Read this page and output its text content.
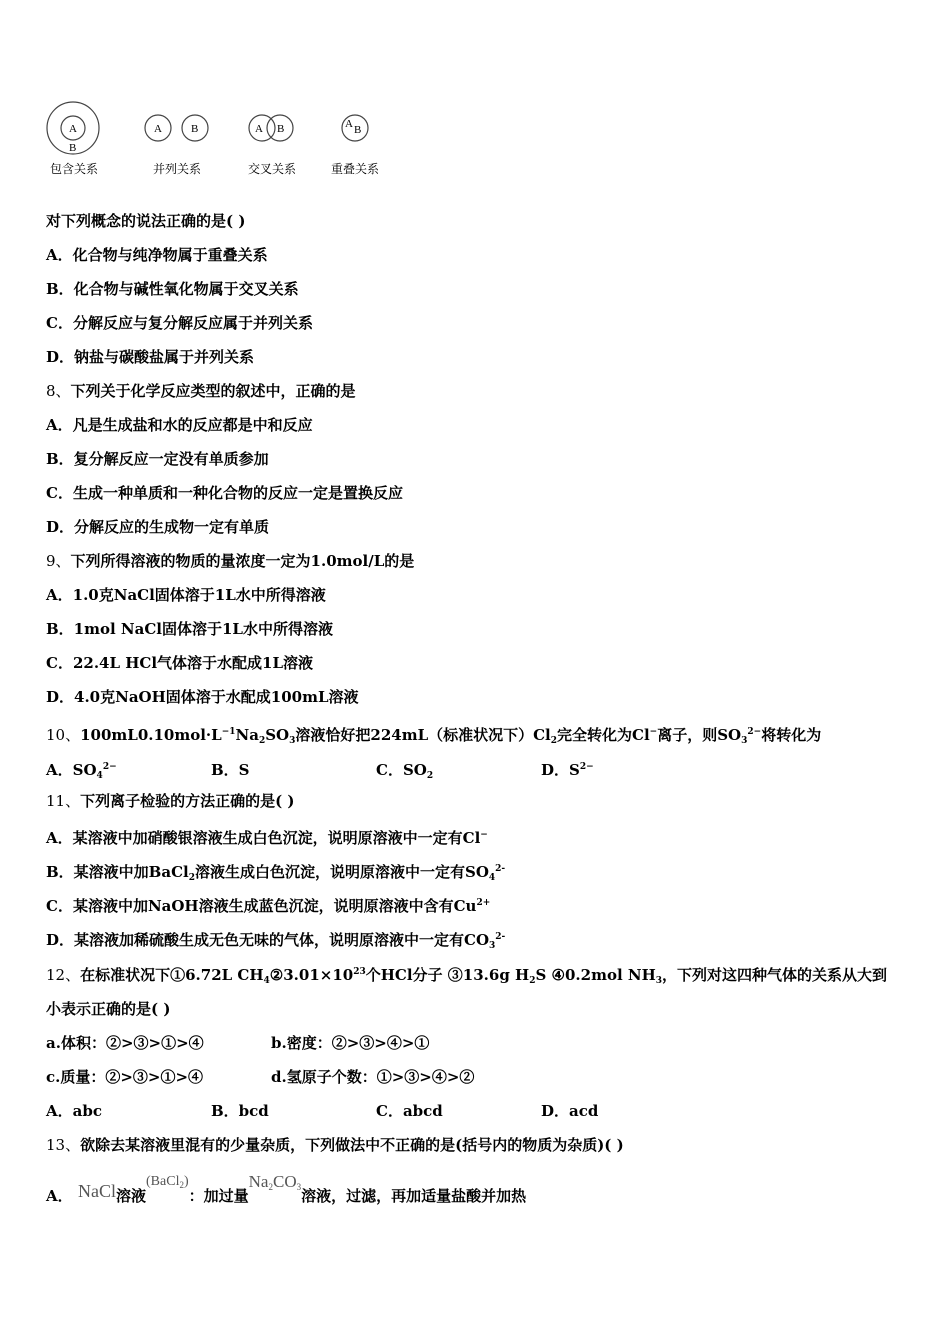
A
B
A	B	A B	A B
包含关系	并列关系	交叉关系	重叠关系
对下列概念的说法正确的是( )
A．化合物与纯净物属于重叠关系
B．化合物与碱性氧化物属于交叉关系
C．分解反应与复分解反应属于并列关系
D．钠盐与碳酸盐属于并列关系
8、下列关于化学反应类型的叙述中，正确的是
A．凡是生成盐和水的反应都是中和反应
B．复分解反应一定没有单质参加
C．生成一种单质和一种化合物的反应一定是置换反应
D．分解反应的生成物一定有单质
9、下列所得溶液的物质的量浓度一定为1.0mol/L的是
A．1.0克NaCl固体溶于1L水中所得溶液
B．1mol NaCl固体溶于1L水中所得溶液
C．22.4L HCl气体溶于水配成1L溶液
D．4.0克NaOH固体溶于水配成100mL溶液
10、$100mL0.10mol\cdot L^{-1}Na_2SO_3$溶液恰好把224mL（标准状况下）$Cl_2$完全转化为Cl−离子，则$SO_3^{2-}$将转化为
A．$SO_4^{2-}$	B．S	C．$SO_2$	D．$S^{2-}$
11、下列离子检验的方法正确的是( )
A．某溶液中加硝酸银溶液生成白色沉淀，说明原溶液中一定有Cl−
B．某溶液中加BaCl$_2$溶液生成白色沉淀，说明原溶液中一定有$SO_4^{2-}$
C．某溶液中加NaOH溶液生成蓝色沉淀，说明原溶液中含有$Cu^{2+}$
D．某溶液加稀硫酸生成无色无味的气体，说明原溶液中一定有$CO_3^{2-}$
12、在标准状况下①6.72L $CH_4②3.01\times 10^{23}$个HCl分子 ③13.6g $H_2S$ ④0.2mol $NH_3$，下列对这四种气体的关系从大到
小表示正确的是( )
a.体积：②>③>①>④	b.密度：②>③>④>①
c.质量：②>③>①>④	d.氢原子个数：①>③>④>②
A．abc	B．bcd	C．abcd	D．acd
13、欲除去某溶液里混有的少量杂质，下列做法中不正确的是(括号内的物质为杂质)( )
A． NaCl溶液(BaCl$_2$)：加过量$Na_2CO_3$溶液，过滤，再加适量盐酸并加热
